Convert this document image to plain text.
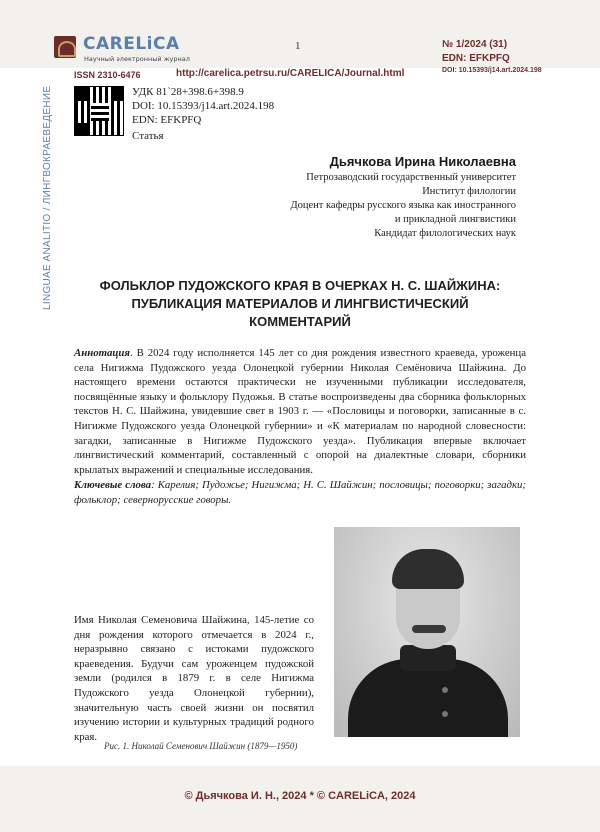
CARELiCA
Научный электронный журнал
1	№ 1/2024 (31)
EDN: EFKPFQ
DOI: 10.15393/j14.art.2024.198
ISSN 2310-6476	http://carelica.petrsu.ru/CARELICA/Journal.html
LINGUAE ANALITIO / ЛИНГВОКРАЕВЕДЕНИЕ	УДК 81`28+398.6+398.9
DOI: 10.15393/j14.art.2024.198
EDN: EFKPFQ
Статья
Дьячкова Ирина Николаевна
Петрозаводский государственный университет
Институт филологии
Доцент кафедры русского языка как иностранного
и прикладной лингвистики
Кандидат филологических наук
ФОЛЬКЛОР ПУДОЖСКОГО КРАЯ В ОЧЕРКАХ Н. С. ШАЙЖИНА:
ПУБЛИКАЦИЯ МАТЕРИАЛОВ И ЛИНГВИСТИЧЕСКИЙ
КОММЕНТАРИЙ
Аннотация. В 2024 году исполняется 145 лет со дня рождения известного краеведа, уроженца села Нигижма Пудожского уезда Олонецкой губернии Николая Семёновича Шайжина. До настоящего времени остаются практически не изученными публикации исследователя, посвящённые языку и фольклору Пудожья. В статье воспроизведены два сборника фольклорных текстов Н. С. Шайжина, увидевшие свет в 1903 г. — «Пословицы и поговорки, записанные в с. Нигижме Пудожского уезда Олонецкой губернии» и «К материалам по народной словесности: загадки, записанные в Нигижме Пудожского уезда». Публикация впервые включает лингвистический комментарий, составленный с опорой на диалектные словари, сборники крылатых выражений и специальные исследования.
Ключевые слова: Карелия; Пудожье; Нигижма; Н. С. Шайжин; пословицы; поговорки; загадки; фольклор; севернорусские говоры.
Имя Николая Семеновича Шайжина, 145-летие со дня рождения которого отмечается в 2024 г., неразрывно связано с истоками пудожского краеведения. Будучи сам уроженцем пудожской земли (родился в 1879 г. в селе Нигижма Пудожского уезда Олонецкой губернии), значительную часть своей жизни он посвятил изучению истории и культурных традиций родного края.
Рис. 1. Николай Семенович Шайжин (1879—1950)
© Дьячкова И. Н., 2024 * © CARELiCA, 2024
